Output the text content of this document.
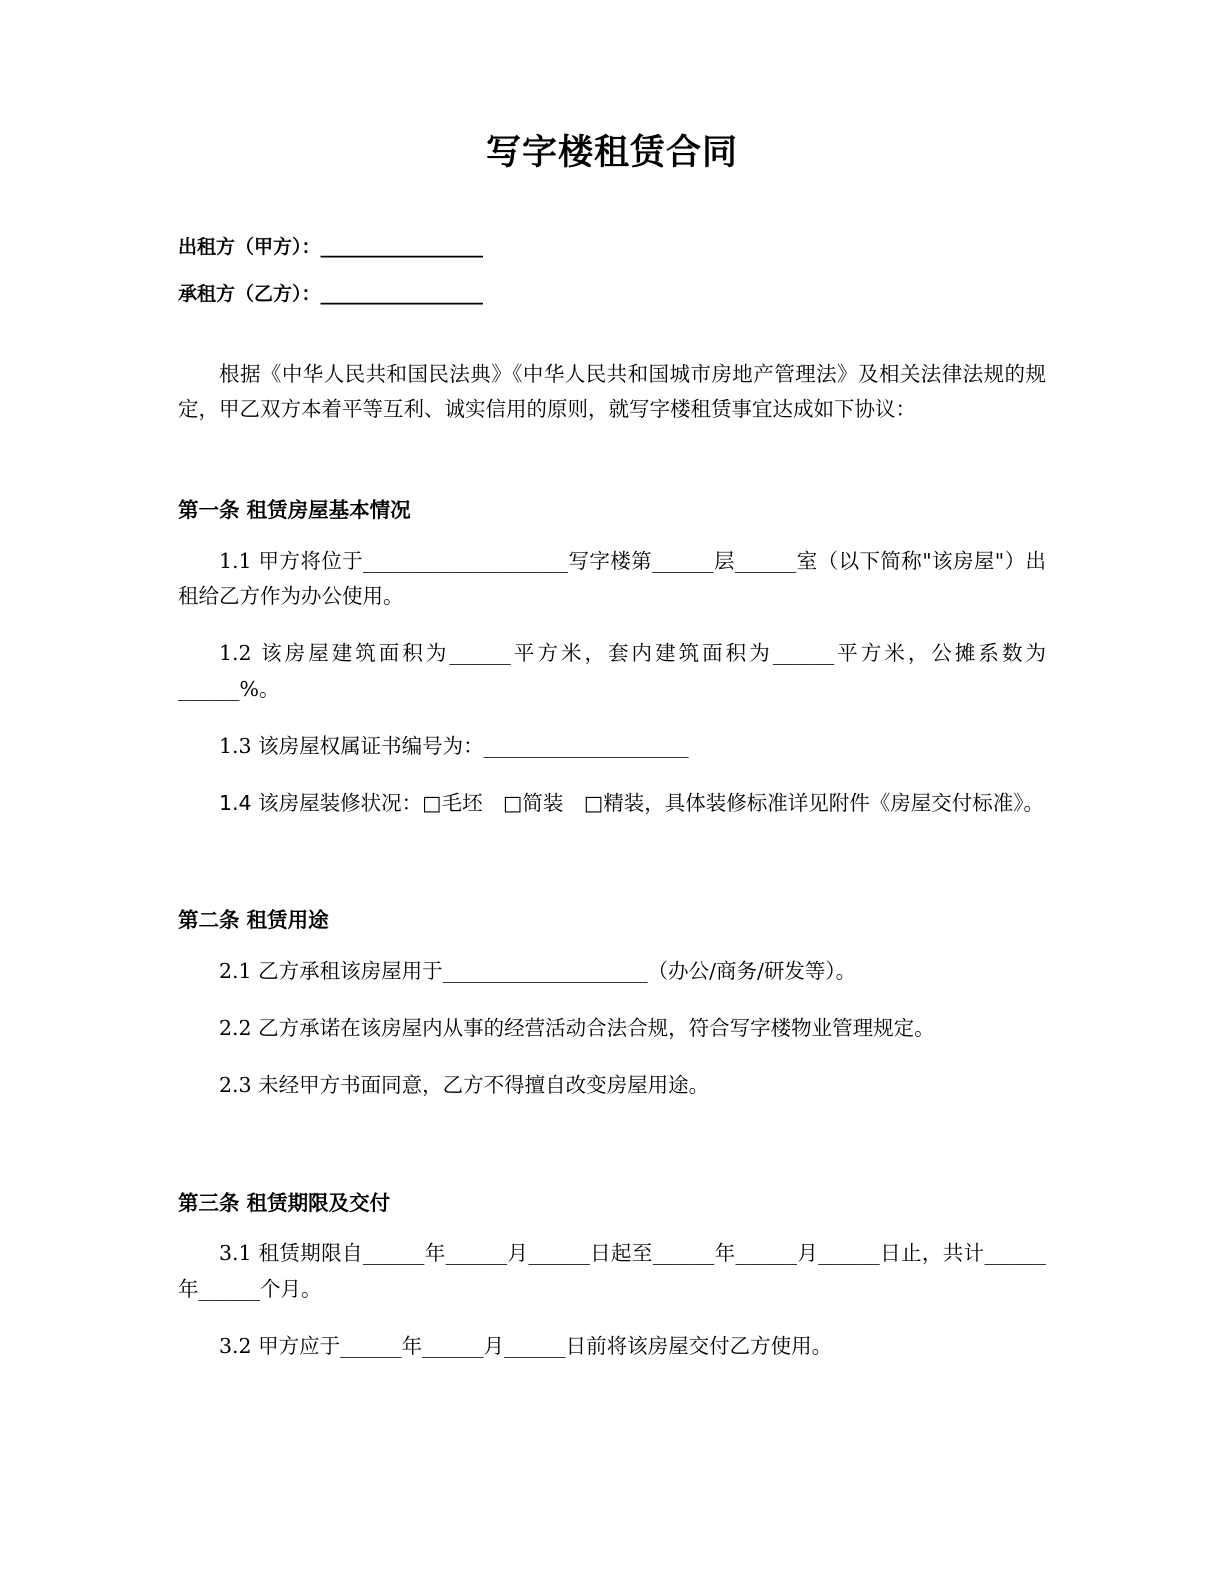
写字楼租赁合同
出租方（甲方）：__________________
承租方（乙方）：__________________

根据《中华人民共和国民法典》《中华人民共和国城市房地产管理法》及相关法律法规的规定，甲乙双方本着平等互利、诚实信用的原则，就写字楼租赁事宜达成如下协议：

第一条 租赁房屋基本情况

1.1 甲方将位于____________________写字楼第______层______室（以下简称"该房屋"）出租给乙方作为办公使用。

1.2 该房屋建筑面积为______平方米，套内建筑面积为______平方米，公摊系数为______%。

1.3 该房屋权属证书编号为：____________________

1.4 该房屋装修状况：□毛坯　□简装　□精装，具体装修标准详见附件《房屋交付标准》。

第二条 租赁用途

2.1 乙方承租该房屋用于____________________（办公/商务/研发等）。

2.2 乙方承诺在该房屋内从事的经营活动合法合规，符合写字楼物业管理规定。

2.3 未经甲方书面同意，乙方不得擅自改变房屋用途。

第三条 租赁期限及交付

3.1 租赁期限自______年______月______日起至______年______月______日止，共计______年______个月。

3.2 甲方应于______年______月______日前将该房屋交付乙方使用。
